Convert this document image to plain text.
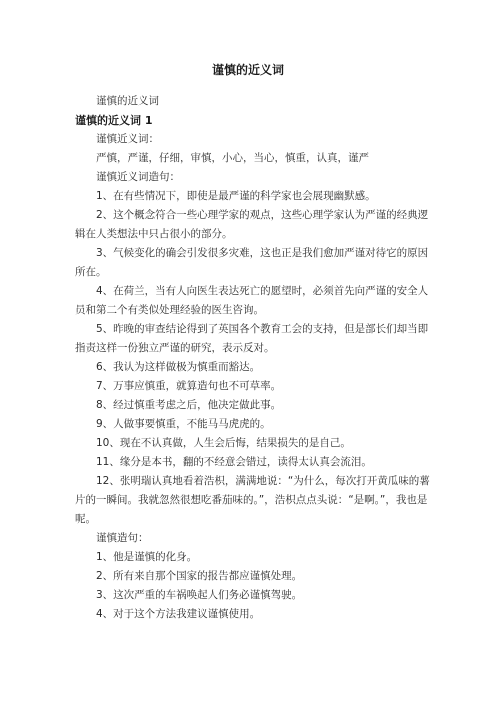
谨慎的近义词

谨慎的近义词

谨慎的近义词 1

谨慎近义词：

严慎，严谨，仔细，审慎，小心，当心，慎重，认真，谨严

谨慎近义词造句：

1、在有些情况下，即使是最严谨的科学家也会展现幽默感。

2、这个概念符合一些心理学家的观点，这些心理学家认为严谨的经典逻辑在人类想法中只占很小的部分。

3、气候变化的确会引发很多灾难，这也正是我们愈加严谨对待它的原因所在。

4、在荷兰，当有人向医生表达死亡的愿望时，必须首先向严谨的安全人员和第二个有类似处理经验的医生咨询。

5、昨晚的审查结论得到了英国各个教育工会的支持，但是部长们却当即指责这样一份独立严谨的研究，表示反对。

6、我认为这样做极为慎重而豁达。

7、万事应慎重，就算造句也不可草率。

8、经过慎重考虑之后，他决定做此事。

9、人做事要慎重，不能马马虎虎的。

10、现在不认真做，人生会后悔，结果损失的是自己。

11、缘分是本书，翻的不经意会错过，读得太认真会流泪。

12、张明瑞认真地看着浩枳，满满地说：“为什么，每次打开黄瓜味的薯片的一瞬间。我就忽然很想吃番茄味的。”，浩枳点点头说：“是啊。”，我也是呢。

谨慎造句：

1、他是谨慎的化身。

2、所有来自那个国家的报告都应谨慎处理。

3、这次严重的车祸唤起人们务必谨慎驾驶。

4、对于这个方法我建议谨慎使用。
